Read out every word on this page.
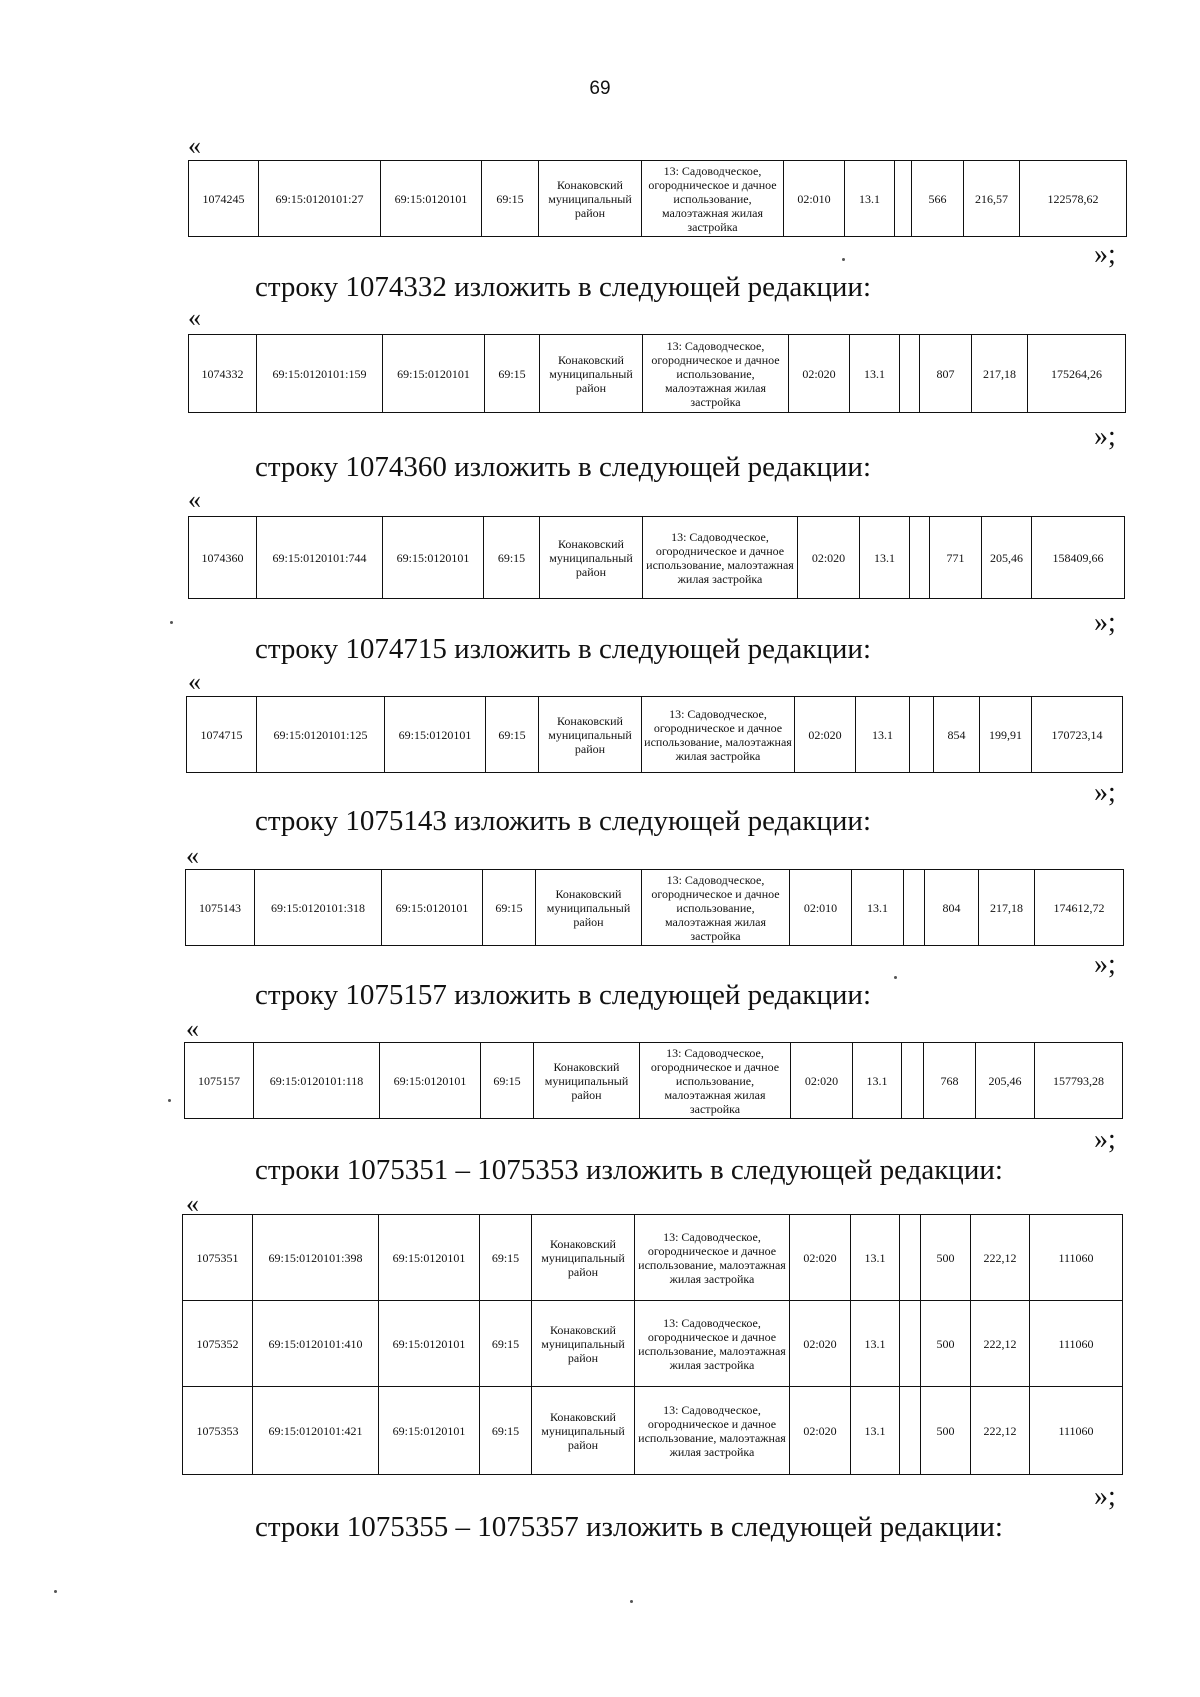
69
«
1074245	69:15:0120101:27	69:15:0120101	69:15	Конаковский муниципальный район	13: Садоводческое, огородническое и дачное использование, малоэтажная жилая застройка	02:010	13.1		566	216,57	122578,62
»;
строку 1074332 изложить в следующей редакции:
«
1074332	69:15:0120101:159	69:15:0120101	69:15	Конаковский муниципальный район	13: Садоводческое, огородническое и дачное использование, малоэтажная жилая застройка	02:020	13.1		807	217,18	175264,26
»;
строку 1074360 изложить в следующей редакции:
«
1074360	69:15:0120101:744	69:15:0120101	69:15	Конаковский муниципальный район	13: Садоводческое, огородническое и дачное использование, малоэтажная жилая застройка	02:020	13.1		771	205,46	158409,66
»;
строку 1074715 изложить в следующей редакции:
«
1074715	69:15:0120101:125	69:15:0120101	69:15	Конаковский муниципальный район	13: Садоводческое, огородническое и дачное использование, малоэтажная жилая застройка	02:020	13.1		854	199,91	170723,14
»;
строку 1075143 изложить в следующей редакции:
«
1075143	69:15:0120101:318	69:15:0120101	69:15	Конаковский муниципальный район	13: Садоводческое, огородническое и дачное использование, малоэтажная жилая застройка	02:010	13.1		804	217,18	174612,72
»;
строку 1075157 изложить в следующей редакции:
«
1075157	69:15:0120101:118	69:15:0120101	69:15	Конаковский муниципальный район	13: Садоводческое, огородническое и дачное использование, малоэтажная жилая застройка	02:020	13.1		768	205,46	157793,28
»;
строки 1075351 – 1075353 изложить в следующей редакции:
«
1075351	69:15:0120101:398	69:15:0120101	69:15	Конаковский муниципальный район	13: Садоводческое, огородническое и дачное использование, малоэтажная жилая застройка	02:020	13.1		500	222,12	111060
1075352	69:15:0120101:410	69:15:0120101	69:15	Конаковский муниципальный район	13: Садоводческое, огородническое и дачное использование, малоэтажная жилая застройка	02:020	13.1		500	222,12	111060
1075353	69:15:0120101:421	69:15:0120101	69:15	Конаковский муниципальный район	13: Садоводческое, огородническое и дачное использование, малоэтажная жилая застройка	02:020	13.1		500	222,12	111060
»;
строки 1075355 – 1075357 изложить в следующей редакции:
